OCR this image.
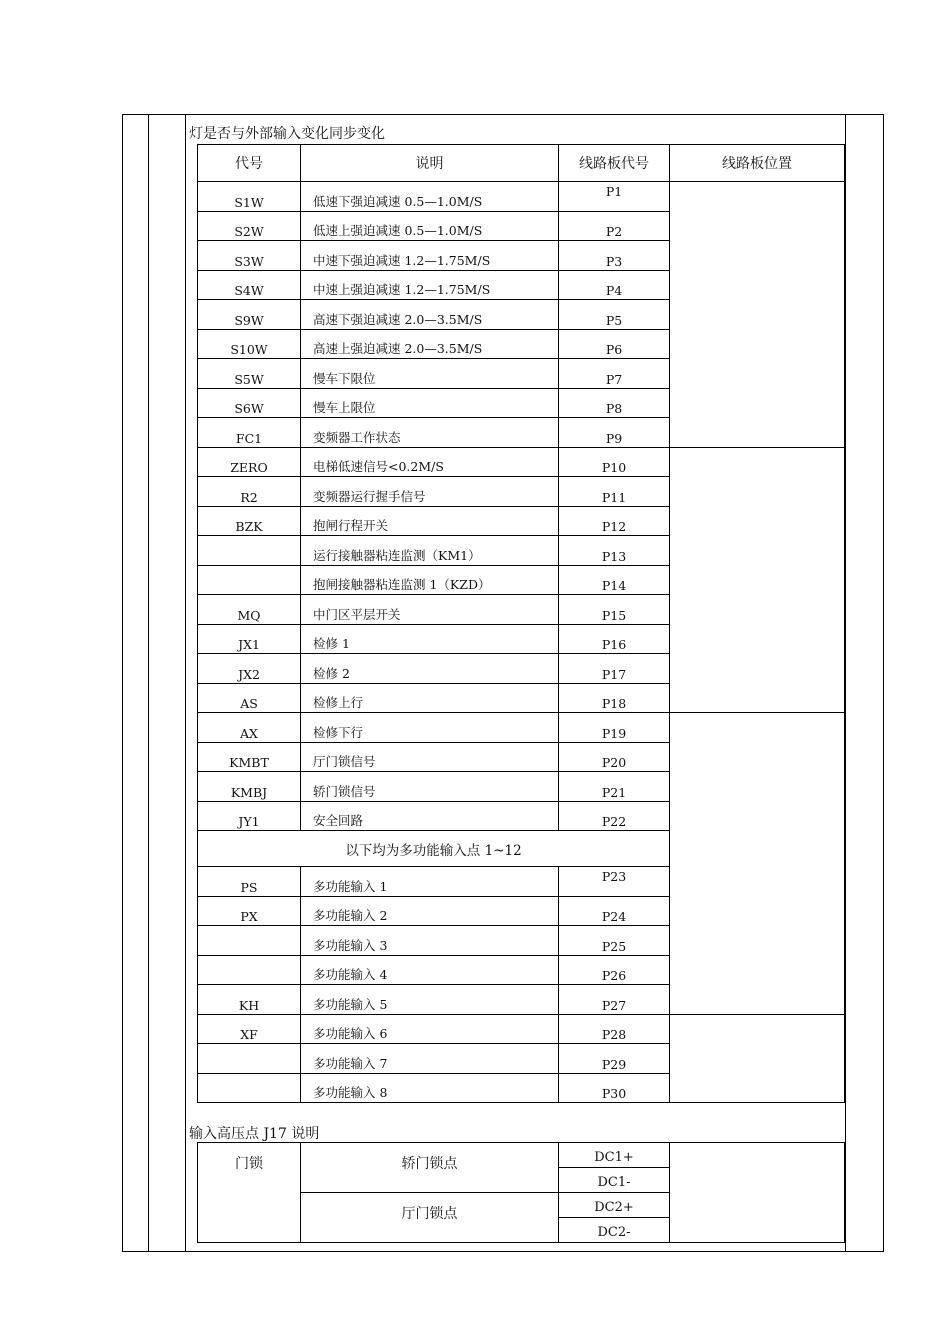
灯是否与外部输入变化同步变化
代号	说明	线路板代号	线路板位置
S1W	低速下强迫减速 0.5—1.0M/S	P1	
S2W	低速上强迫减速 0.5—1.0M/S	P2	
S3W	中速下强迫减速 1.2—1.75M/S	P3	
S4W	中速上强迫减速 1.2—1.75M/S	P4	
S9W	高速下强迫减速 2.0—3.5M/S	P5	
S10W	高速上强迫减速 2.0—3.5M/S	P6	
S5W	慢车下限位	P7	
S6W	慢车上限位	P8	
FC1	变频器工作状态	P9	
ZERO	电梯低速信号<0.2M/S	P10	
R2	变频器运行握手信号	P11	
BZK	抱闸行程开关	P12	
	运行接触器粘连监测（KM1）	P13	
	抱闸接触器粘连监测 1（KZD）	P14	
MQ	中门区平层开关	P15	
JX1	检修 1	P16	
JX2	检修 2	P17	
AS	检修上行	P18	
AX	检修下行	P19	
KMBT	厅门锁信号	P20	
KMBJ	轿门锁信号	P21	
JY1	安全回路	P22	
以下均为多功能输入点 1~12			
PS	多功能输入 1	P23	
PX	多功能输入 2	P24	
	多功能输入 3	P25	
	多功能输入 4	P26	
KH	多功能输入 5	P27	
XF	多功能输入 6	P28	
	多功能输入 7	P29	
	多功能输入 8	P30	
输入高压点 J17 说明
门锁	轿门锁点	DC1+	
		DC1-	
	厅门锁点	DC2+	
		DC2-	
